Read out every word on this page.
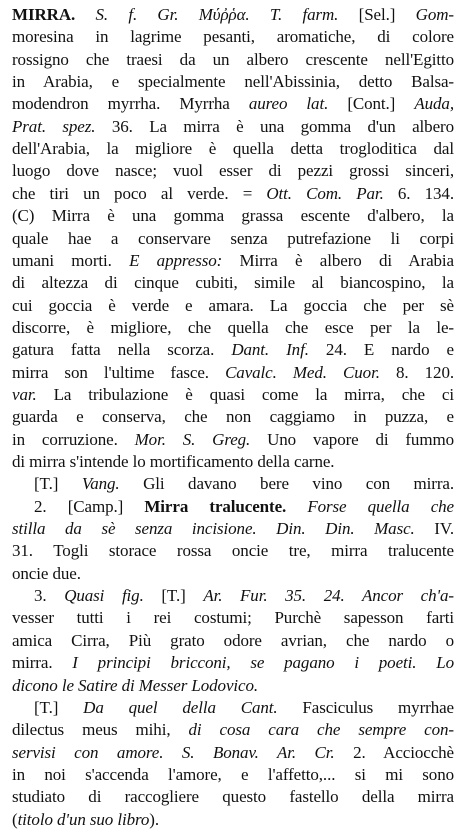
MIRRA. S. f. Gr. Μύῤῥα. T. farm. [Sel.] Gom-
moresina in lagrime pesanti, aromatiche, di colore
rossigno che traesi da un albero crescente nell'Egitto
in Arabia, e specialmente nell'Abissinia, detto Balsa-
modendron myrrha. Myrrha aureo lat. [Cont.] Auda,
Prat. spez. 36. La mirra è una gomma d'un albero
dell'Arabia, la migliore è quella detta trogloditica dal
luogo dove nasce; vuol esser di pezzi grossi sinceri,
che tiri un poco al verde. = Ott. Com. Par. 6. 134.
(C) Mirra è una gomma grassa escente d'albero, la
quale hae a conservare senza putrefazione li corpi
umani morti. E appresso: Mirra è albero di Arabia
di altezza di cinque cubiti, simile al biancospino, la
cui goccia è verde e amara. La goccia che per sè
discorre, è migliore, che quella che esce per la le-
gatura fatta nella scorza. Dant. Inf. 24. E nardo e
mirra son l'ultime fasce. Cavalc. Med. Cuor. 8. 120.
var. La tribulazione è quasi come la mirra, che ci
guarda e conserva, che non caggiamo in puzza, e
in corruzione. Mor. S. Greg. Uno vapore di fummo
di mirra s'intende lo mortificamento della carne.
[T.] Vang. Gli davano bere vino con mirra.
2. [Camp.] Mirra tralucente. Forse quella che
stilla da sè senza incisione. Din. Din. Masc. IV.
31. Togli storace rossa oncie tre, mirra tralucente
oncie due.
3. Quasi fig. [T.] Ar. Fur. 35. 24. Ancor ch'a-
vesser tutti i rei costumi; Purchè sapesson farti
amica Cirra, Più grato odore avrian, che nardo o
mirra. I principi bricconi, se pagano i poeti. Lo
dicono le Satire di Messer Lodovico.
[T.] Da quel della Cant. Fasciculus myrrhae
dilectus meus mihi, di cosa cara che sempre con-
servisi con amore. S. Bonav. Ar. Cr. 2. Acciocchè
in noi s'accenda l'amore, e l'affetto,... si mi sono
studiato di raccogliere questo fastello della mirra
(titolo d'un suo libro).
